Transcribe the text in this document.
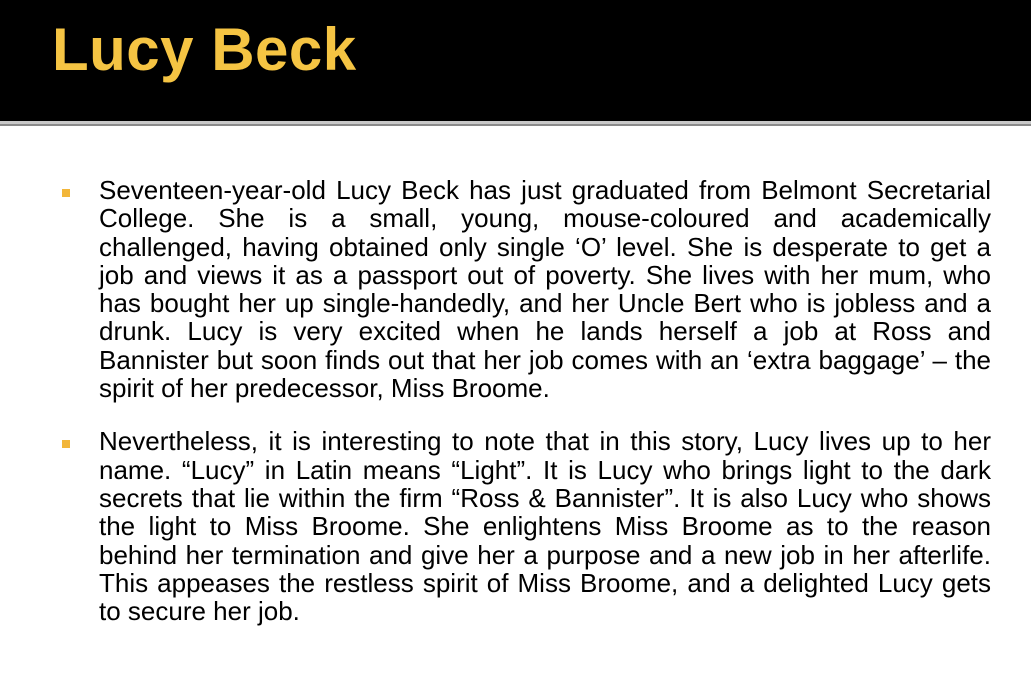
Lucy Beck
Seventeen-year-old Lucy Beck has just graduated from Belmont Secretarial College. She is a small, young, mouse-coloured and academically challenged, having obtained only single ‘O’ level. She is desperate to get a job and views it as a passport out of poverty. She lives with her mum, who has bought her up single-handedly, and her Uncle Bert who is jobless and a drunk. Lucy is very excited when he lands herself a job at Ross and Bannister but soon finds out that her job comes with an ‘extra baggage’ – the spirit of her predecessor, Miss Broome.
Nevertheless, it is interesting to note that in this story, Lucy lives up to her name. “Lucy” in Latin means “Light”. It is Lucy who brings light to the dark secrets that lie within the firm “Ross & Bannister”. It is also Lucy who shows the light to Miss Broome. She enlightens Miss Broome as to the reason behind her termination and give her a purpose and a new job in her afterlife. This appeases the restless spirit of Miss Broome, and a delighted Lucy gets to secure her job.
